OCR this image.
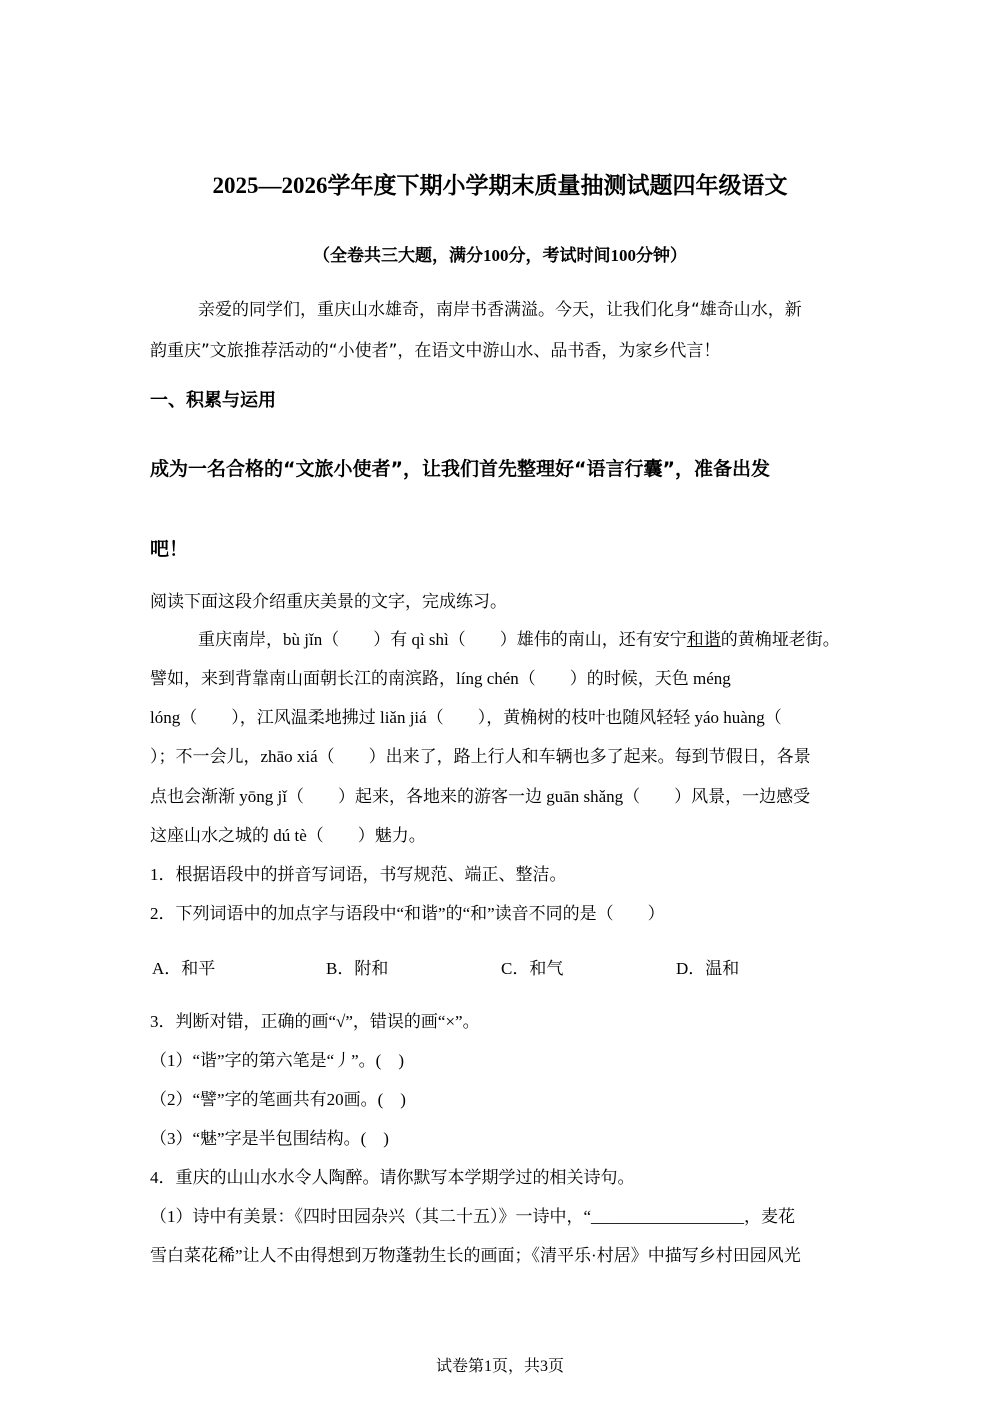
2025—2026学年度下期小学期末质量抽测试题四年级语文
（全卷共三大题，满分100分，考试时间100分钟）
亲爱的同学们，重庆山水雄奇，南岸书香满溢。今天，让我们化身“雄奇山水，新
韵重庆”文旅推荐活动的“小使者”，在语文中游山水、品书香，为家乡代言！
一、积累与运用
成为一名合格的“文旅小使者”，让我们首先整理好“语言行囊”，准备出发
吧！
阅读下面这段介绍重庆美景的文字，完成练习。
重庆南岸，bù jǐn（　　）有 qì shì（　　）雄伟的南山，还有安宁和谐的黄桷垭老街。
譬如，来到背靠南山面朝长江的南滨路，líng chén（　　）的时候，天色 méng
lóng（　　），江风温柔地拂过 liǎn jiá（　　），黄桷树的枝叶也随风轻轻 yáo huàng（
）；不一会儿，zhāo xiá（　　）出来了，路上行人和车辆也多了起来。每到节假日，各景
点也会渐渐 yōng jǐ（　　）起来，各地来的游客一边 guān shǎng（　　）风景，一边感受
这座山水之城的 dú tè（　　）魅力。
1．根据语段中的拼音写词语，书写规范、端正、整洁。
2．下列词语中的加点字与语段中“和谐”的“和”读音不同的是（　　）
A．和平	B．附和	C．和气	D．温和
3．判断对错，正确的画“√”，错误的画“×”。
（1）“谐”字的第六笔是“丿”。(　)
（2）“譬”字的笔画共有20画。(　)
（3）“魅”字是半包围结构。(　)
4．重庆的山山水水令人陶醉。请你默写本学期学过的相关诗句。
（1）诗中有美景：《四时田园杂兴（其二十五）》一诗中，“__________________，麦花
雪白菜花稀”让人不由得想到万物蓬勃生长的画面；《清平乐·村居》中描写乡村田园风光
试卷第1页，共3页
